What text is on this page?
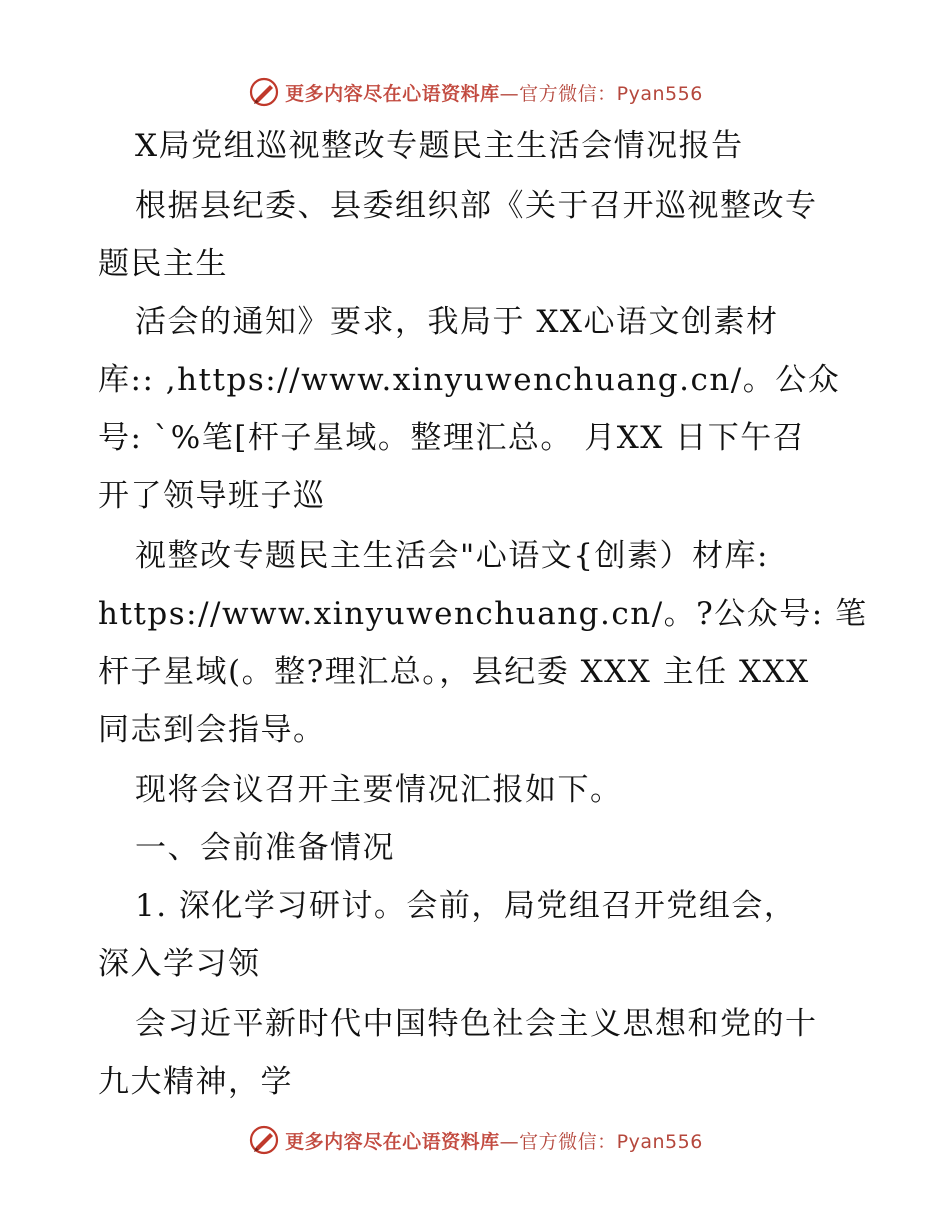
更多内容尽在心语资料库—官方微信：Pyan556
X局党组巡视整改专题民主生活会情况报告
根据县纪委、县委组织部《关于召开巡视整改专
题民主生
活会的通知》要求，我局于 XX心语文创素材
库:: ,https://www.xinyuwenchuang.cn/。公众
号: `%笔[杆子星域。整理汇总。 月XX 日下午召
开了领导班子巡
视整改专题民主生活会"心语文{创素）材库:
https://www.xinyuwenchuang.cn/。?公众号: 笔
杆子星域(。整?理汇总。，县纪委 XXX 主任 XXX
同志到会指导。
现将会议召开主要情况汇报如下。
一、会前准备情况
1. 深化学习研讨。会前，局党组召开党组会，
深入学习领
会习近平新时代中国特色社会主义思想和党的十
九大精神，学
更多内容尽在心语资料库—官方微信：Pyan556
